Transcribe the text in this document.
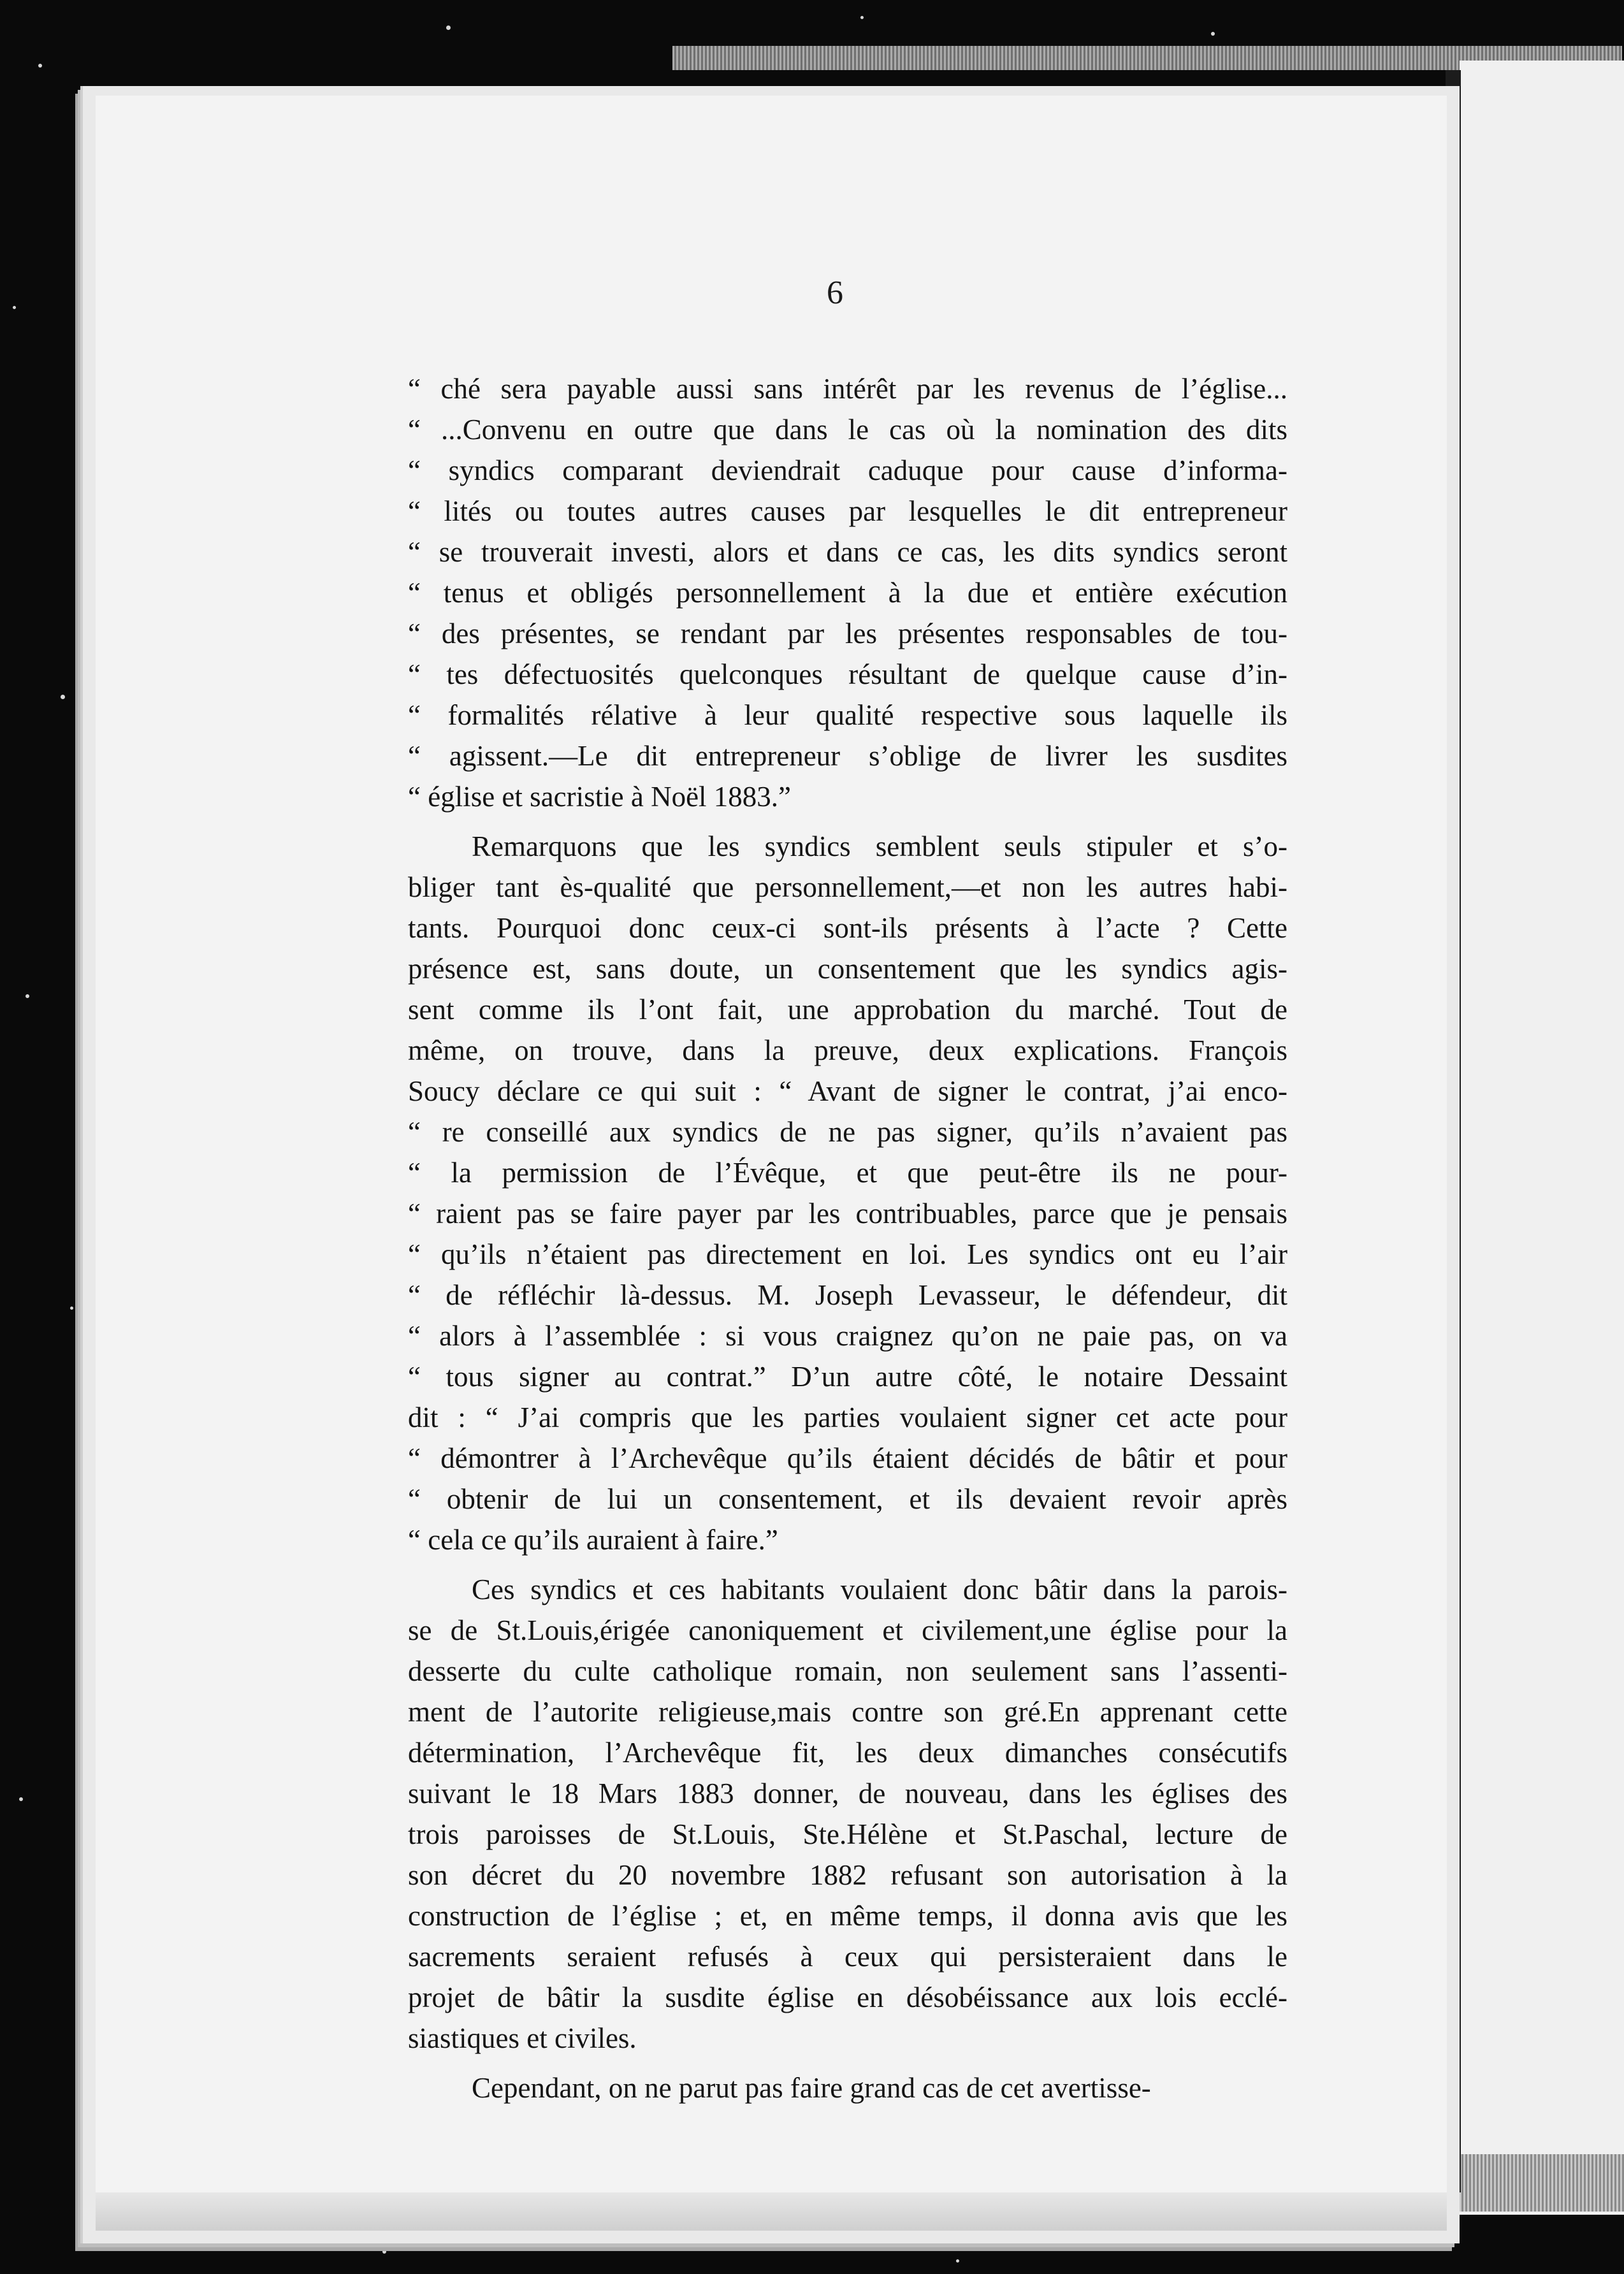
6
“ ché sera payable aussi sans intérêt par les revenus de l’église...
“ ...Convenu en outre que dans le cas où la nomination des dits
“ syndics comparant deviendrait caduque pour cause d’informa-
“ lités ou toutes autres causes par lesquelles le dit entrepreneur
“ se trouverait investi, alors et dans ce cas, les dits syndics seront
“ tenus et obligés personnellement à la due et entière exécution
“ des présentes, se rendant par les présentes responsables de tou-
“ tes défectuosités quelconques résultant de quelque cause d’in-
“ formalités rélative à leur qualité respective sous laquelle ils
“ agissent.—Le dit entrepreneur s’oblige de livrer les susdites
“ église et sacristie à Noël 1883.”
Remarquons que les syndics semblent seuls stipuler et s’o-
bliger tant ès-qualité que personnellement,—et non les autres habi-
tants. Pourquoi donc ceux-ci sont-ils présents à l’acte ? Cette
présence est, sans doute, un consentement que les syndics agis-
sent comme ils l’ont fait, une approbation du marché. Tout de
même, on trouve, dans la preuve, deux explications. François
Soucy déclare ce qui suit : “ Avant de signer le contrat, j’ai enco-
“ re conseillé aux syndics de ne pas signer, qu’ils n’avaient pas
“ la permission de l’Évêque, et que peut-être ils ne pour-
“ raient pas se faire payer par les contribuables, parce que je pensais
“ qu’ils n’étaient pas directement en loi. Les syndics ont eu l’air
“ de réfléchir là-dessus. M. Joseph Levasseur, le défendeur, dit
“ alors à l’assemblée : si vous craignez qu’on ne paie pas, on va
“ tous signer au contrat.” D’un autre côté, le notaire Dessaint
dit : “ J’ai compris que les parties voulaient signer cet acte pour
“ démontrer à l’Archevêque qu’ils étaient décidés de bâtir et pour
“ obtenir de lui un consentement, et ils devaient revoir après
“ cela ce qu’ils auraient à faire.”
Ces syndics et ces habitants voulaient donc bâtir dans la parois-
se de St.Louis,érigée canoniquement et civilement,une église pour la
desserte du culte catholique romain, non seulement sans l’assenti-
ment de l’autorite religieuse,mais contre son gré.En apprenant cette
détermination, l’Archevêque fit, les deux dimanches consécutifs
suivant le 18 Mars 1883 donner, de nouveau, dans les églises des
trois paroisses de St.Louis, Ste.Hélène et St.Paschal, lecture de
son décret du 20 novembre 1882 refusant son autorisation à la
construction de l’église ; et, en même temps, il donna avis que les
sacrements seraient refusés à ceux qui persisteraient dans le
projet de bâtir la susdite église en désobéissance aux lois ecclé-
siastiques et civiles.
Cependant, on ne parut pas faire grand cas de cet avertisse-
